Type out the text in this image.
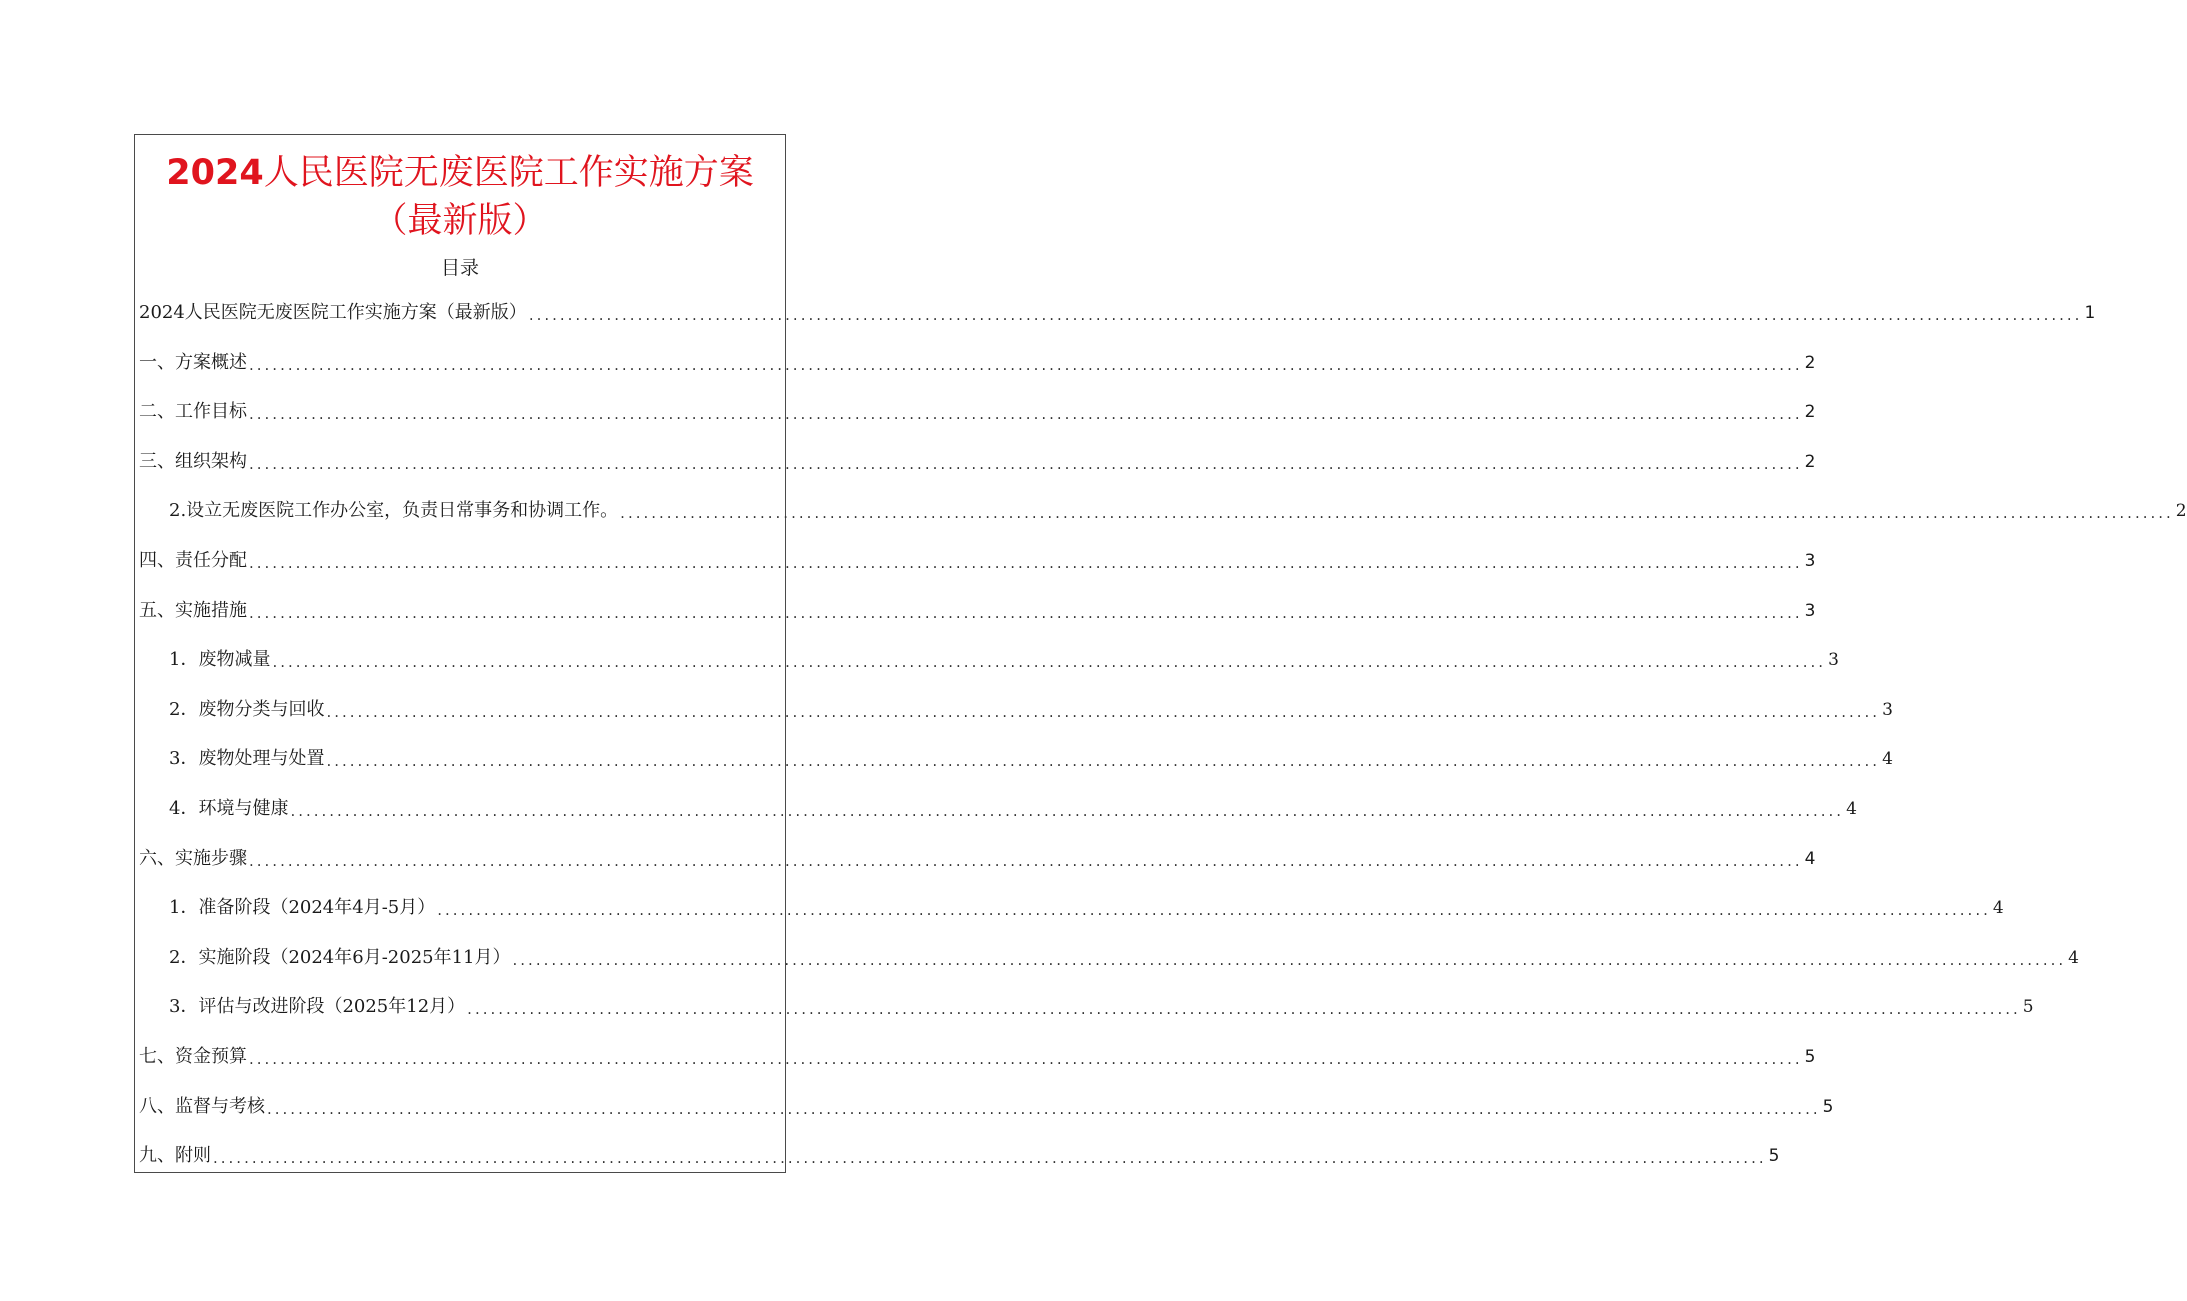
2024人民医院无废医院工作实施方案
（最新版）
目录
2024人民医院无废医院工作实施方案（最新版） ........................................................................................................................................................................................................ 1
一、方案概述 ........................................................................................................................................................................................................ 2
二、工作目标 ........................................................................................................................................................................................................ 2
三、组织架构 ........................................................................................................................................................................................................ 2
2.设立无废医院工作办公室，负责日常事务和协调工作。 ........................................................................................................................................................................................................ 2
四、责任分配 ........................................................................................................................................................................................................ 3
五、实施措施 ........................................................................................................................................................................................................ 3
1．废物减量 ........................................................................................................................................................................................................ 3
2．废物分类与回收 ........................................................................................................................................................................................................ 3
3．废物处理与处置 ........................................................................................................................................................................................................ 4
4．环境与健康 ........................................................................................................................................................................................................ 4
六、实施步骤 ........................................................................................................................................................................................................ 4
1．准备阶段（2024年4月-5月） ........................................................................................................................................................................................................ 4
2．实施阶段（2024年6月-2025年11月） ........................................................................................................................................................................................................ 4
3．评估与改进阶段（2025年12月） ........................................................................................................................................................................................................ 5
七、资金预算 ........................................................................................................................................................................................................ 5
八、监督与考核 ........................................................................................................................................................................................................ 5
九、附则 ........................................................................................................................................................................................................ 5
